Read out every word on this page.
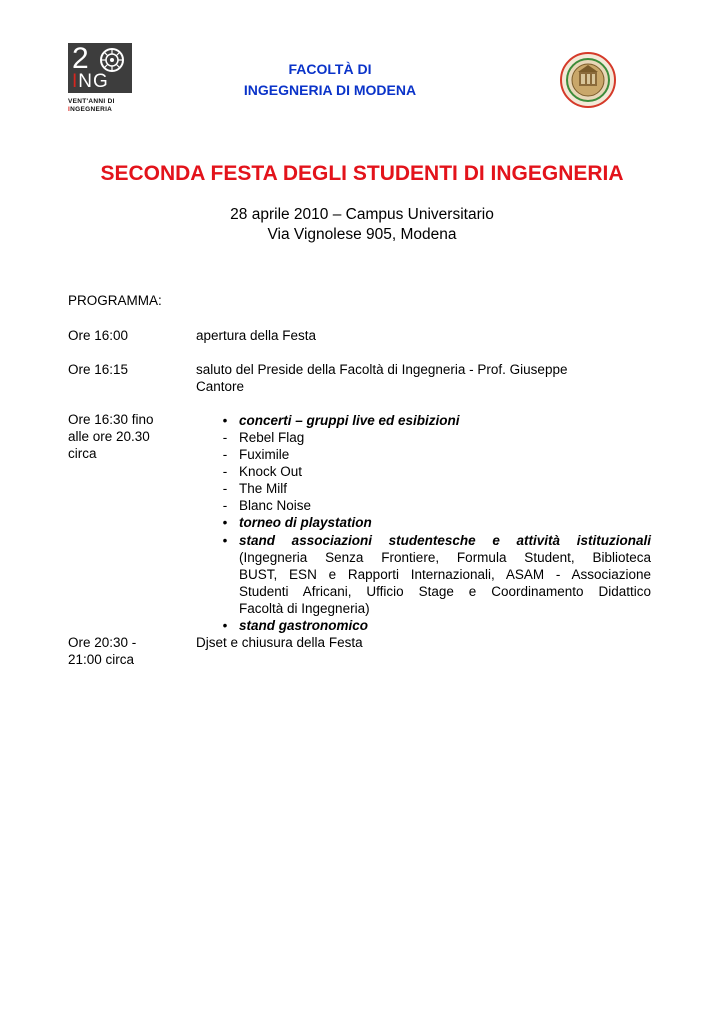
2
ING
VENT'ANNI DI
INGEGNERIA
FACOLTÀ DI
INGEGNERIA DI MODENA
SECONDA FESTA DEGLI STUDENTI DI INGEGNERIA
28 aprile 2010 – Campus Universitario
Via Vignolese 905, Modena
PROGRAMMA:
Ore 16:00	apertura della Festa
Ore 16:15	saluto del Preside della Facoltà di Ingegneria - Prof. Giuseppe
Cantore
Ore 16:30 fino
alle ore 20.30
circa
• concerti – gruppi live ed esibizioni
- Rebel Flag
- Fuximile
- Knock Out
- The Milf
- Blanc Noise
• torneo di playstation
• stand associazioni studentesche e attività istituzionali
(Ingegneria Senza Frontiere, Formula Student, Biblioteca
BUST, ESN e Rapporti Internazionali, ASAM - Associazione
Studenti Africani, Ufficio Stage e Coordinamento Didattico
Facoltà di Ingegneria)
• stand gastronomico
Ore 20:30 -
21:00 circa
Djset e chiusura della Festa
